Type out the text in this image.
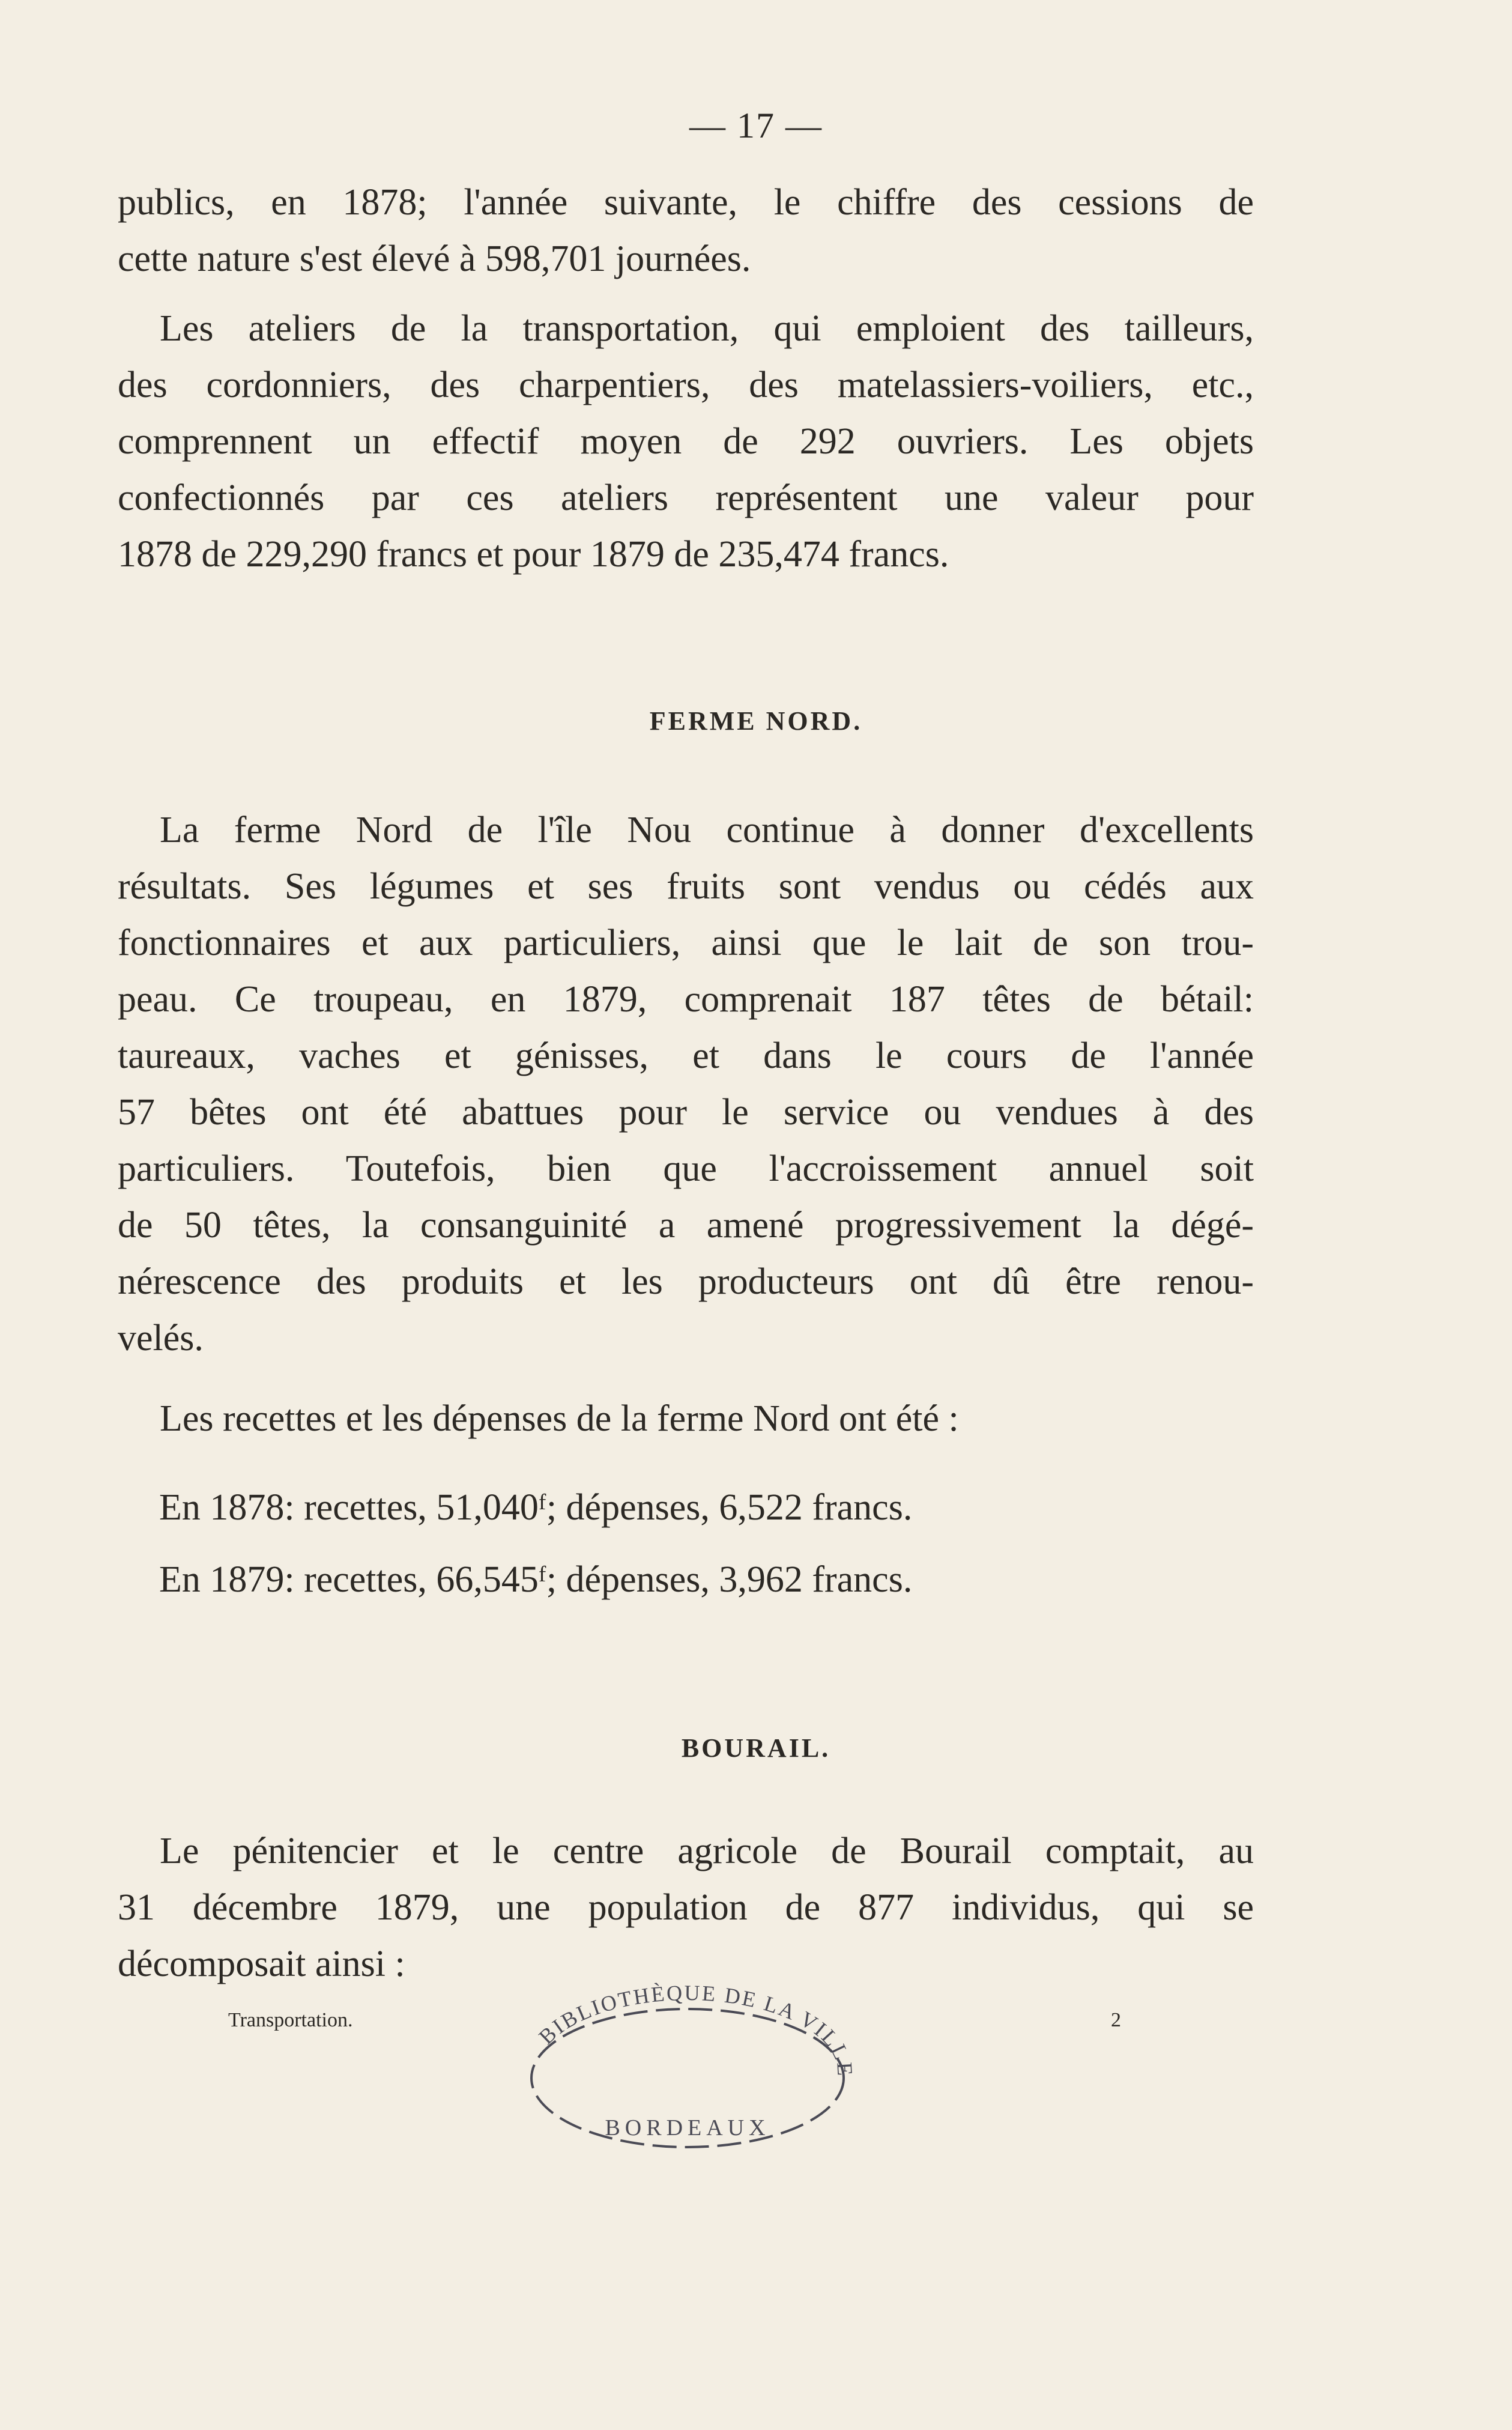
— 17 —

publics, en 1878; l'année suivante, le chiffre des cessions de
cette nature s'est élevé à 598,701 journées.

Les ateliers de la transportation, qui emploient des tailleurs,
des cordonniers, des charpentiers, des matelassiers-voiliers, etc.,
comprennent un effectif moyen de 292 ouvriers. Les objets
confectionnés par ces ateliers représentent une valeur pour
1878 de 229,290 francs et pour 1879 de 235,474 francs.

FERME NORD.

La ferme Nord de l'île Nou continue à donner d'excellents
résultats. Ses légumes et ses fruits sont vendus ou cédés aux
fonctionnaires et aux particuliers, ainsi que le lait de son trou-
peau. Ce troupeau, en 1879, comprenait 187 têtes de bétail:
taureaux, vaches et génisses, et dans le cours de l'année
57 bêtes ont été abattues pour le service ou vendues à des
particuliers. Toutefois, bien que l'accroissement annuel soit
de 50 têtes, la consanguinité a amené progressivement la dégé-
nérescence des produits et les producteurs ont dû être renou-
velés.

Les recettes et les dépenses de la ferme Nord ont été :

En 1878: recettes, 51,040ᶠ; dépenses, 6,522 francs.
En 1879: recettes, 66,545ᶠ; dépenses, 3,962 francs.
BOURAIL.

Le pénitencier et le centre agricole de Bourail comptait, au
31 décembre 1879, une population de 877 individus, qui se
décomposait ainsi :

Transportation.	2
BIBLIOTHÈQUE DE LA VILLE
BORDEAUX
